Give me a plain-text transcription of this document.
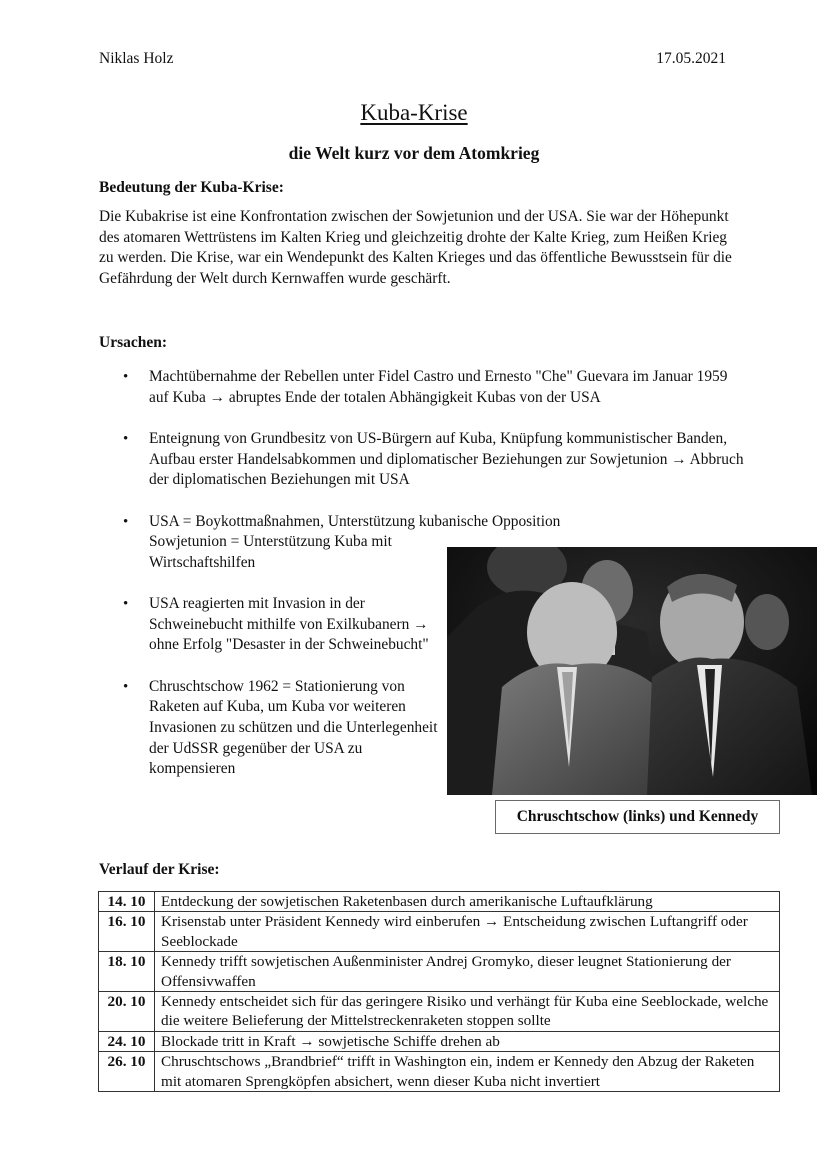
Niklas Holz	17.05.2021
Kuba-Krise
die Welt kurz vor dem Atomkrieg
Bedeutung der Kuba-Krise:
Die Kubakrise ist eine Konfrontation zwischen der Sowjetunion und der USA. Sie war der Höhepunkt des atomaren Wettrüstens im Kalten Krieg und gleichzeitig drohte der Kalte Krieg, zum Heißen Krieg zu werden. Die Krise, war ein Wendepunkt des Kalten Krieges und das öffentliche Bewusstsein für die Gefährdung der Welt durch Kernwaffen wurde geschärft.
Ursachen:
• Machtübernahme der Rebellen unter Fidel Castro und Ernesto "Che" Guevara im Januar 1959 auf Kuba → abruptes Ende der totalen Abhängigkeit Kubas von der USA
• Enteignung von Grundbesitz von US-Bürgern auf Kuba, Knüpfung kommunistischer Banden, Aufbau erster Handelsabkommen und diplomatischer Beziehungen zur Sowjetunion → Abbruch der diplomatischen Beziehungen mit USA
• USA = Boykottmaßnahmen, Unterstützung kubanische Opposition
Sowjetunion = Unterstützung Kuba mit Wirtschaftshilfen
• USA reagierten mit Invasion in der Schweinebucht mithilfe von Exilkubanern → ohne Erfolg "Desaster in der Schweinebucht"
• Chruschtschow 1962 = Stationierung von Raketen auf Kuba, um Kuba vor weiteren Invasionen zu schützen und die Unterlegenheit der UdSSR gegenüber der USA zu kompensieren
Chruschtschow (links) und Kennedy
Verlauf der Krise:
14. 10	Entdeckung der sowjetischen Raketenbasen durch amerikanische Luftaufklärung
16. 10	Krisenstab unter Präsident Kennedy wird einberufen → Entscheidung zwischen Luftangriff oder Seeblockade
18. 10	Kennedy trifft sowjetischen Außenminister Andrej Gromyko, dieser leugnet Stationierung der Offensivwaffen
20. 10	Kennedy entscheidet sich für das geringere Risiko und verhängt für Kuba eine Seeblockade, welche die weitere Belieferung der Mittelstreckenraketen stoppen sollte
24. 10	Blockade tritt in Kraft → sowjetische Schiffe drehen ab
26. 10	Chruschtschows „Brandbrief“ trifft in Washington ein, indem er Kennedy den Abzug der Raketen mit atomaren Sprengköpfen absichert, wenn dieser Kuba nicht invertiert
